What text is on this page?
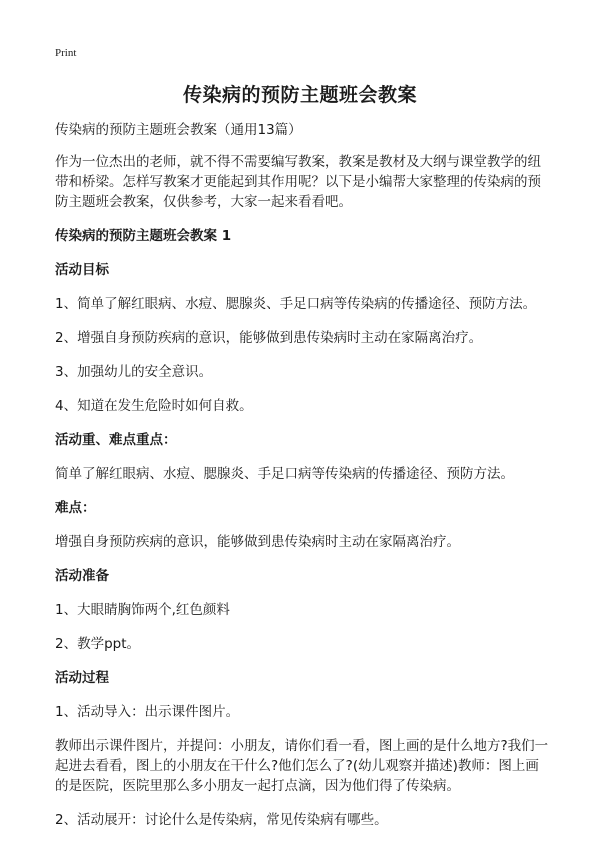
Print
传染病的预防主题班会教案
传染病的预防主题班会教案（通用13篇）
作为一位杰出的老师，就不得不需要编写教案，教案是教材及大纲与课堂教学的纽带和桥梁。怎样写教案才更能起到其作用呢？以下是小编帮大家整理的传染病的预防主题班会教案，仅供参考，大家一起来看看吧。
传染病的预防主题班会教案 1
活动目标
1、简单了解红眼病、水痘、腮腺炎、手足口病等传染病的传播途径、预防方法。
2、增强自身预防疾病的意识，能够做到患传染病时主动在家隔离治疗。
3、加强幼儿的安全意识。
4、知道在发生危险时如何自救。
活动重、难点重点：
简单了解红眼病、水痘、腮腺炎、手足口病等传染病的传播途径、预防方法。
难点：
增强自身预防疾病的意识，能够做到患传染病时主动在家隔离治疗。
活动准备
1、大眼睛胸饰两个,红色颜料
2、教学ppt。
活动过程
1、活动导入：出示课件图片。
教师出示课件图片，并提问：小朋友，请你们看一看，图上画的是什么地方?我们一起进去看看，图上的小朋友在干什么?他们怎么了?(幼儿观察并描述)教师：图上画的是医院，医院里那么多小朋友一起打点滴，因为他们得了传染病。
2、活动展开：讨论什么是传染病，常见传染病有哪些。
